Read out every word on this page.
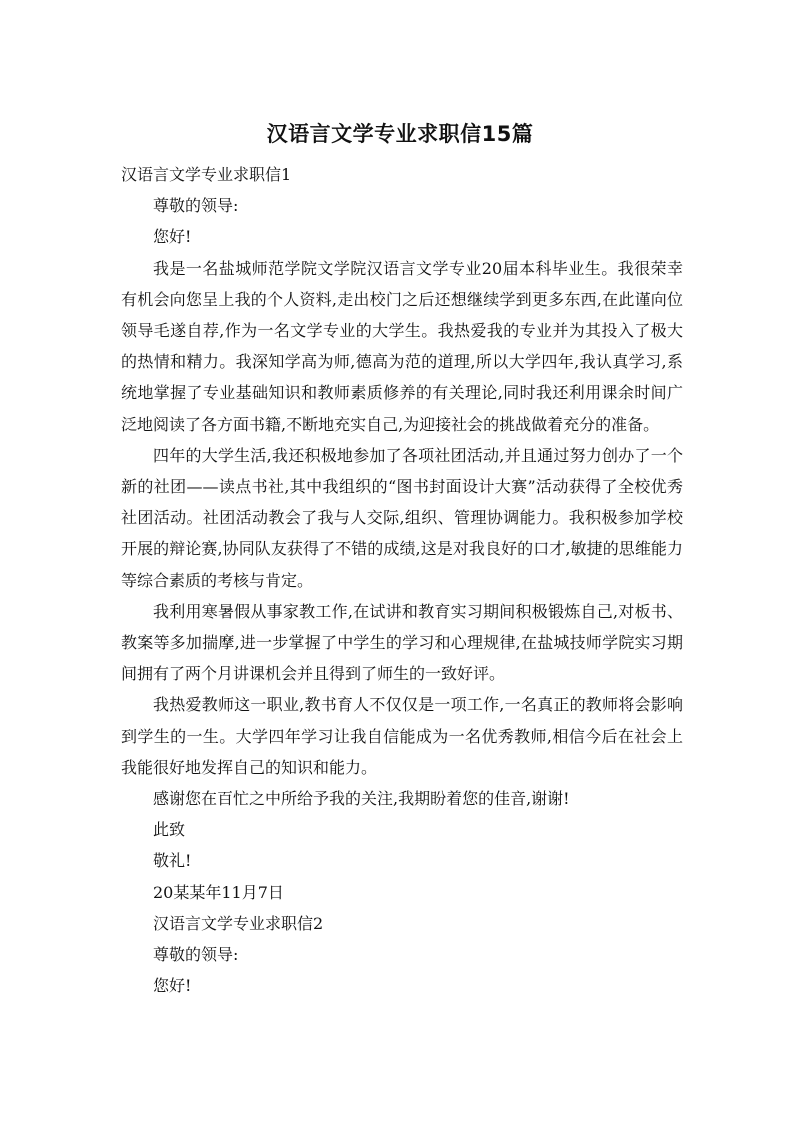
汉语言文学专业求职信15篇

汉语言文学专业求职信1

尊敬的领导:

您好!

我是一名盐城师范学院文学院汉语言文学专业20届本科毕业生。我很荣幸有机会向您呈上我的个人资料,走出校门之后还想继续学到更多东西,在此谨向位领导毛遂自荐,作为一名文学专业的大学生。我热爱我的专业并为其投入了极大的热情和精力。我深知学高为师,德高为范的道理,所以大学四年,我认真学习,系统地掌握了专业基础知识和教师素质修养的有关理论,同时我还利用课余时间广泛地阅读了各方面书籍,不断地充实自己,为迎接社会的挑战做着充分的准备。

四年的大学生活,我还积极地参加了各项社团活动,并且通过努力创办了一个新的社团——读点书社,其中我组织的“图书封面设计大赛”活动获得了全校优秀社团活动。社团活动教会了我与人交际,组织、管理协调能力。我积极参加学校开展的辩论赛,协同队友获得了不错的成绩,这是对我良好的口才,敏捷的思维能力等综合素质的考核与肯定。

我利用寒暑假从事家教工作,在试讲和教育实习期间积极锻炼自己,对板书、教案等多加揣摩,进一步掌握了中学生的学习和心理规律,在盐城技师学院实习期间拥有了两个月讲课机会并且得到了师生的一致好评。

我热爱教师这一职业,教书育人不仅仅是一项工作,一名真正的教师将会影响到学生的一生。大学四年学习让我自信能成为一名优秀教师,相信今后在社会上我能很好地发挥自己的知识和能力。

感谢您在百忙之中所给予我的关注,我期盼着您的佳音,谢谢!

此致

敬礼!

20某某年11月7日

汉语言文学专业求职信2

尊敬的领导:

您好!
